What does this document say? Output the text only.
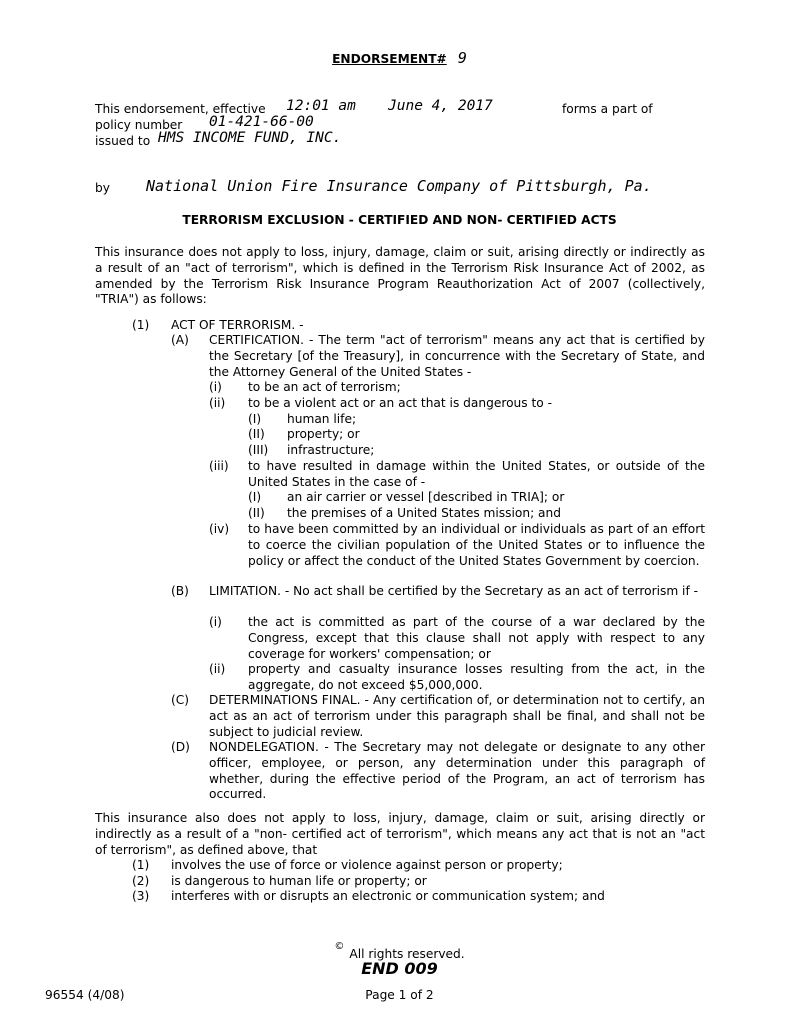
ENDORSEMENT# 9
This endorsement, effective 12:01 am June 4, 2017	forms a part of
policy number 01-421-66-00
issued to HMS INCOME FUND, INC.
by National Union Fire Insurance Company of Pittsburgh, Pa.
TERRORISM EXCLUSION - CERTIFIED AND NON- CERTIFIED ACTS
This insurance does not apply to loss, injury, damage, claim or suit, arising directly or indirectly as a result of an "act of terrorism", which is defined in the Terrorism Risk Insurance Act of 2002, as amended by the Terrorism Risk Insurance Program Reauthorization Act of 2007 (collectively, "TRIA") as follows:
(1) ACT OF TERRORISM. -
(A) CERTIFICATION. - The term "act of terrorism" means any act that is certified by the Secretary [of the Treasury], in concurrence with the Secretary of State, and the Attorney General of the United States -
(i) to be an act of terrorism;
(ii) to be a violent act or an act that is dangerous to -
(I) human life;
(II) property; or
(III) infrastructure;
(iii) to have resulted in damage within the United States, or outside of the United States in the case of -
(I) an air carrier or vessel [described in TRIA]; or
(II) the premises of a United States mission; and
(iv) to have been committed by an individual or individuals as part of an effort to coerce the civilian population of the United States or to influence the policy or affect the conduct of the United States Government by coercion.
(B) LIMITATION. - No act shall be certified by the Secretary as an act of terrorism if -
(i) the act is committed as part of the course of a war declared by the Congress, except that this clause shall not apply with respect to any coverage for workers' compensation; or
(ii) property and casualty insurance losses resulting from the act, in the aggregate, do not exceed $5,000,000.
(C) DETERMINATIONS FINAL. - Any certification of, or determination not to certify, an act as an act of terrorism under this paragraph shall be final, and shall not be subject to judicial review.
(D) NONDELEGATION. - The Secretary may not delegate or designate to any other officer, employee, or person, any determination under this paragraph of whether, during the effective period of the Program, an act of terrorism has occurred.
This insurance also does not apply to loss, injury, damage, claim or suit, arising directly or indirectly as a result of a "non- certified act of terrorism", which means any act that is not an "act of terrorism", as defined above, that
(1) involves the use of force or violence against person or property;
(2) is dangerous to human life or property; or
(3) interferes with or disrupts an electronic or communication system; and
© All rights reserved.
END 009
96554 (4/08)	Page 1 of 2
